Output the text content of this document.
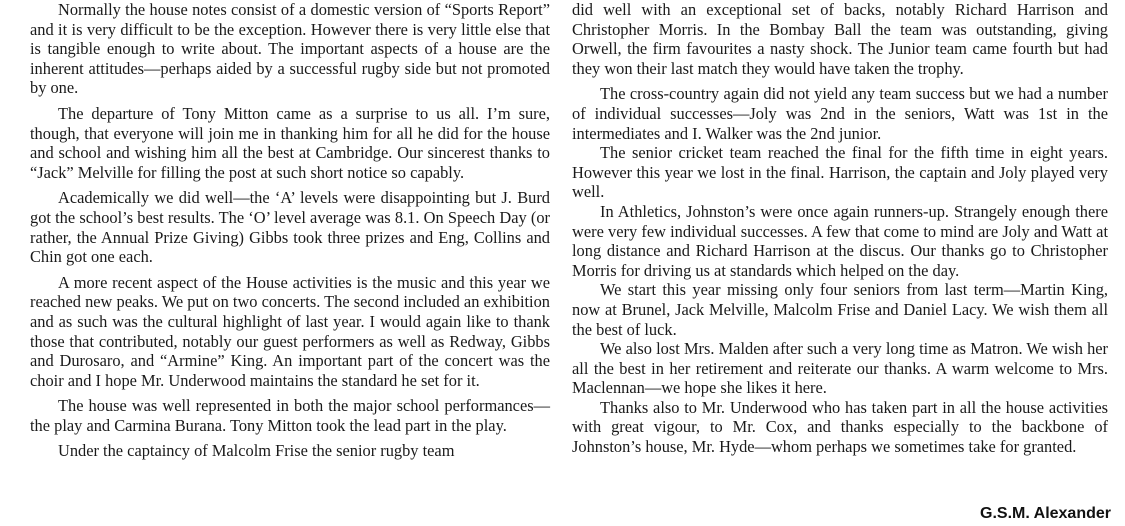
Normally the house notes consist of a domestic version of “Sports Report” and it is very difficult to be the exception. However there is very little else that is tangible enough to write about. The important aspects of a house are the inherent attitudes—perhaps aided by a successful rugby side but not promoted by one.

The departure of Tony Mitton came as a surprise to us all. I’m sure, though, that everyone will join me in thanking him for all he did for the house and school and wishing him all the best at Cambridge. Our sincerest thanks to “Jack” Melville for filling the post at such short notice so capably.

Academically we did well—the ‘A’ levels were disappointing but J. Burd got the school’s best results. The ‘O’ level average was 8.1. On Speech Day (or rather, the Annual Prize Giving) Gibbs took three prizes and Eng, Collins and Chin got one each.

A more recent aspect of the House activities is the music and this year we reached new peaks. We put on two concerts. The second included an exhibition and as such was the cultural highlight of last year. I would again like to thank those that contributed, notably our guest performers as well as Redway, Gibbs and Durosaro, and “Armine” King. An important part of the concert was the choir and I hope Mr. Underwood maintains the standard he set for it.

The house was well represented in both the major school performances—the play and Carmina Burana. Tony Mitton took the lead part in the play.

Under the captaincy of Malcolm Frise the senior rugby team

did well with an exceptional set of backs, notably Richard Harrison and Christopher Morris. In the Bombay Ball the team was outstanding, giving Orwell, the firm favourites a nasty shock. The Junior team came fourth but had they won their last match they would have taken the trophy.

The cross-country again did not yield any team success but we had a number of individual successes—Joly was 2nd in the seniors, Watt was 1st in the intermediates and I. Walker was the 2nd junior.

The senior cricket team reached the final for the fifth time in eight years. However this year we lost in the final. Harrison, the captain and Joly played very well.

In Athletics, Johnston’s were once again runners-up. Strangely enough there were very few individual successes. A few that come to mind are Joly and Watt at long distance and Richard Harrison at the discus. Our thanks go to Christopher Morris for driving us at standards which helped on the day.

We start this year missing only four seniors from last term—Martin King, now at Brunel, Jack Melville, Malcolm Frise and Daniel Lacy. We wish them all the best of luck.

We also lost Mrs. Malden after such a very long time as Matron. We wish her all the best in her retirement and reiterate our thanks. A warm welcome to Mrs. Maclennan—we hope she likes it here.

Thanks also to Mr. Underwood who has taken part in all the house activities with great vigour, to Mr. Cox, and thanks especially to the backbone of Johnston’s house, Mr. Hyde—whom perhaps we sometimes take for granted.

G.S.M. Alexander
